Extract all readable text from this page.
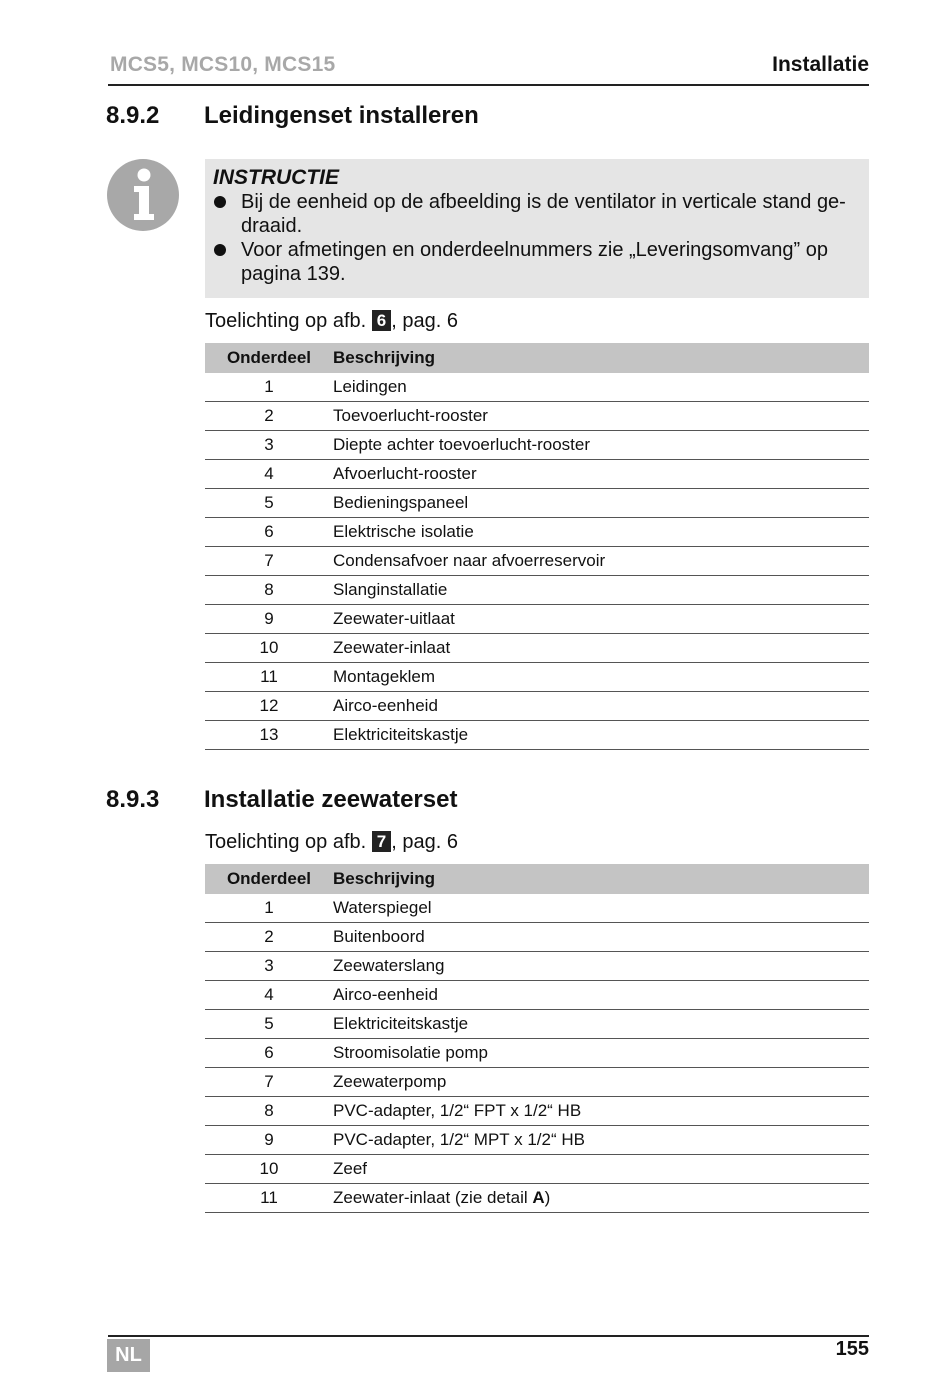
MCS5, MCS10, MCS15	Installatie
8.9.2 Leidingenset installeren
INSTRUCTIE
Bij de eenheid op de afbeelding is de ventilator in verticale stand ge-draaid.
Voor afmetingen en onderdeelnummers zie „Leveringsomvang” op pagina 139.
Toelichting op afb. 6 , pag. 6
Onderdeel	Beschrijving
1	Leidingen
2	Toevoerlucht-rooster
3	Diepte achter toevoerlucht-rooster
4	Afvoerlucht-rooster
5	Bedieningspaneel
6	Elektrische isolatie
7	Condensafvoer naar afvoerreservoir
8	Slanginstallatie
9	Zeewater-uitlaat
10	Zeewater-inlaat
11	Montageklem
12	Airco-eenheid
13	Elektriciteitskastje
8.9.3 Installatie zeewaterset
Toelichting op afb. 7 , pag. 6
Onderdeel	Beschrijving
1	Waterspiegel
2	Buitenboord
3	Zeewaterslang
4	Airco-eenheid
5	Elektriciteitskastje
6	Stroomisolatie pomp
7	Zeewaterpomp
8	PVC-adapter, 1/2“ FPT x 1/2“ HB
9	PVC-adapter, 1/2“ MPT x 1/2“ HB
10	Zeef
11	Zeewater-inlaat (zie detail A)
NL	155
